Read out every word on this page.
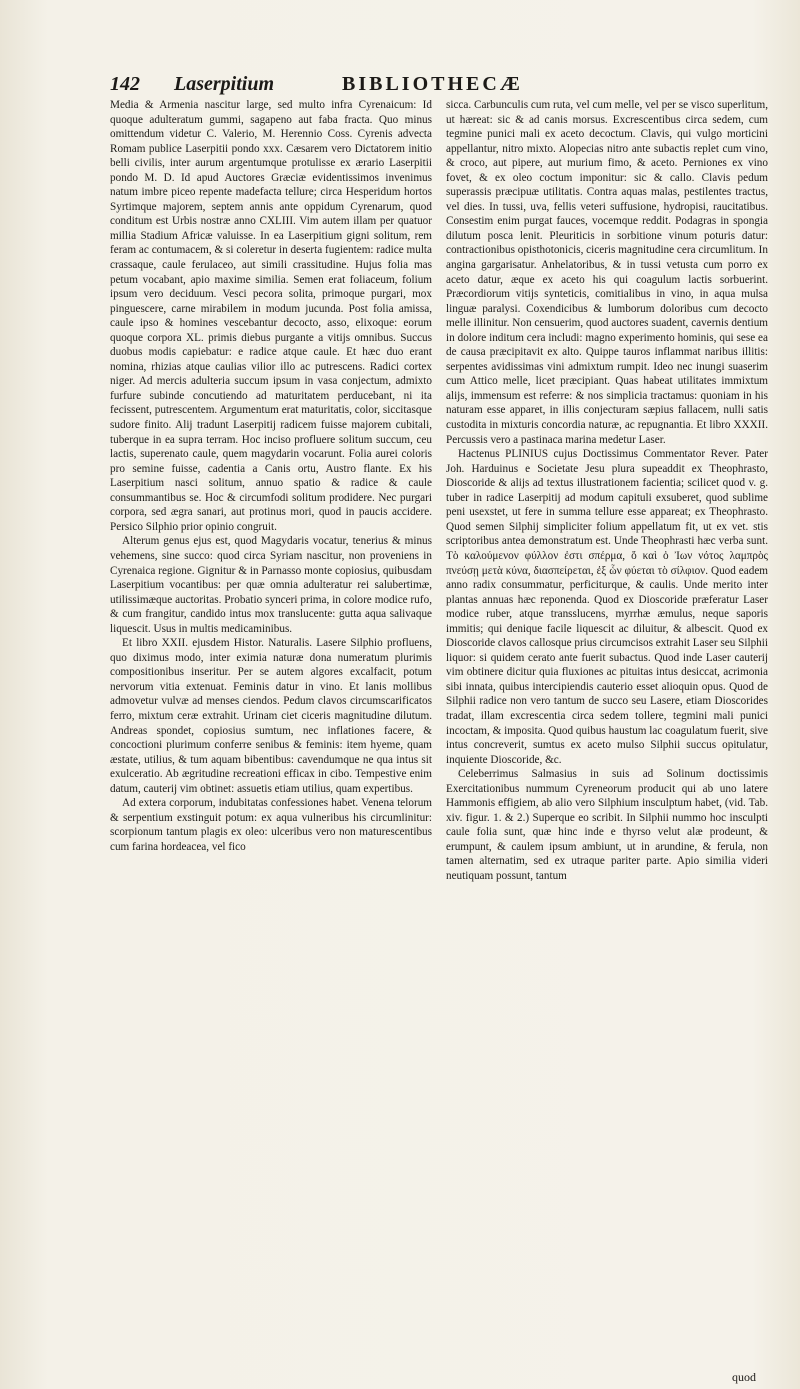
142 Laserpitium	BIBLIOTHECÆ

Media & Armenia nascitur large, sed multo infra Cyrenaicum: Id quoque adulteratum gummi, sagapeno aut faba fracta. Quo minus omittendum videtur C. Valerio, M. Herennio Coss. Cyrenis advecta Romam publice Laserpitii pondo xxx. Cæsarem vero Dictatorem initio belli civilis, inter aurum argentumque protulisse ex ærario Laserpitii pondo M. D. Id apud Auctores Græciæ evidentissimos invenimus natum imbre piceo repente madefacta tellure; circa Hesperidum hortos Syrtimque majorem, septem annis ante oppidum Cyrenarum, quod conditum est Urbis nostræ anno CXLIII. Vim autem illam per quatuor millia Stadium Africæ valuisse. In ea Laserpitium gigni solitum, rem feram ac contumacem, & si coleretur in deserta fugientem: radice multa crassaque, caule ferulaceo, aut simili crassitudine. Hujus folia mas petum vocabant, apio maxime similia. Semen erat foliaceum, folium ipsum vero deciduum. Vesci pecora solita, primoque purgari, mox pinguescere, carne mirabilem in modum jucunda. Post folia amissa, caule ipso & homines vescebantur decocto, asso, elixoque: eorum quoque corpora XL. primis diebus purgante a vitijs omnibus. Succus duobus modis capiebatur: e radice atque caule. Et hæc duo erant nomina, rhizias atque caulias vilior illo ac putrescens. Radici cortex niger. Ad mercis adulteria succum ipsum in vasa conjectum, admixto furfure subinde concutiendo ad maturitatem perducebant, ni ita fecissent, putrescentem. Argumentum erat maturitatis, color, siccitasque sudore finito. Alij tradunt Laserpitij radicem fuisse majorem cubitali, tuberque in ea supra terram. Hoc inciso profluere solitum succum, ceu lactis, superenato caule, quem magydarin vocarunt. Folia aurei coloris pro semine fuisse, cadentia a Canis ortu, Austro flante. Ex his Laserpitium nasci solitum, annuo spatio & radice & caule consummantibus se. Hoc & circumfodi solitum prodidere. Nec purgari corpora, sed ægra sanari, aut protinus mori, quod in paucis accidere. Persico Silphio prior opinio congruit.

Alterum genus ejus est, quod Magydaris vocatur, tenerius & minus vehemens, sine succo: quod circa Syriam nascitur, non proveniens in Cyrenaica regione. Gignitur & in Parnasso monte copiosius, quibusdam Laserpitium vocantibus: per quæ omnia adulteratur rei salubertimæ, utilissimæque auctoritas. Probatio synceri prima, in colore modice rufo, & cum frangitur, candido intus mox translucente: gutta aqua salivaque liquescit. Usus in multis medicaminibus.

Et libro XXII. ejusdem Histor. Naturalis. Lasere Silphio profluens, quo diximus modo, inter eximia naturæ dona numeratum plurimis compositionibus inseritur. Per se autem algores excalfacit, potum nervorum vitia extenuat. Feminis datur in vino. Et lanis mollibus admovetur vulvæ ad menses ciendos. Pedum clavos circumscarificatos ferro, mixtum ceræ extrahit. Urinam ciet ciceris magnitudine dilutum. Andreas spondet, copiosius sumtum, nec inflationes facere, & concoctioni plurimum conferre senibus & feminis: item hyeme, quam æstate, utilius, & tum aquam bibentibus: cavendumque ne qua intus sit exulceratio. Ab ægritudine recreationi efficax in cibo. Tempestive enim datum, cauterij vim obtinet: assuetis etiam utilius, quam expertibus.

Ad extera corporum, indubitatas confessiones habet. Venena telorum & serpentium exstinguit potum: ex aqua vulneribus his circumlinitur: scorpionum tantum plagis ex oleo: ulceribus vero non maturescentibus cum farina hordeacea, vel fico

sicca. Carbunculis cum ruta, vel cum melle, vel per se visco superlitum, ut hæreat: sic & ad canis morsus. Excrescentibus circa sedem, cum tegmine punici mali ex aceto decoctum. Clavis, qui vulgo morticini appellantur, nitro mixto. Alopecias nitro ante subactis replet cum vino, & croco, aut pipere, aut murium fimo, & aceto. Perniones ex vino fovet, & ex oleo coctum imponitur: sic & callo. Clavis pedum superassis præcipuæ utilitatis. Contra aquas malas, pestilentes tractus, vel dies. In tussi, uva, fellis veteri suffusione, hydropisi, raucitatibus. Consestim enim purgat fauces, vocemque reddit. Podagras in spongia dilutum posca lenit. Pleuriticis in sorbitione vinum poturis datur: contractionibus opisthotonicis, ciceris magnitudine cera circumlitum. In angina gargarisatur. Anhelatoribus, & in tussi vetusta cum porro ex aceto datur, æque ex aceto his qui coagulum lactis sorbuerint. Præcordiorum vitijs synteticis, comitialibus in vino, in aqua mulsa linguæ paralysi. Coxendicibus & lumborum doloribus cum decocto melle illinitur. Non censuerim, quod auctores suadent, cavernis dentium in dolore inditum cera includi: magno experimento hominis, qui sese ea de causa præcipitavit ex alto. Quippe tauros inflammat naribus illitis: serpentes avidissimas vini admixtum rumpit. Ideo nec inungi suaserim cum Attico melle, licet præcipiant. Quas habeat utilitates immixtum alijs, immensum est referre: & nos simplicia tractamus: quoniam in his naturam esse apparet, in illis conjecturam sæpius fallacem, nulli satis custodita in mixturis concordia naturæ, ac repugnantia. Et libro XXXII. Percussis vero a pastinaca marina medetur Laser.

Hactenus PLINIUS cujus Doctissimus Commentator Rever. Pater Joh. Harduinus e Societate Jesu plura supeaddit ex Theophrasto, Dioscoride & alijs ad textus illustrationem facientia; scilicet quod v. g. tuber in radice Laserpitij ad modum capituli exsuberet, quod sublime peni usexstet, ut fere in summa tellure esse appareat; ex Theophrasto. Quod semen Silphij simpliciter folium appellatum fit, ut ex vet. stis scriptoribus antea demonstratum est. Unde Theophrasti hæc verba sunt. Τὸ καλούμενον φύλλον ἐστι σπέρμα, ὅ καὶ ὁ Ἰων νότος λαμπρὸς πνεύσῃ μετὰ κύνα, διασπείρεται, ἐξ ὧν φύεται τὸ σίλφιον. Quod eadem anno radix consummatur, perficiturque, & caulis. Unde merito inter plantas annuas hæc reponenda. Quod ex Dioscoride præferatur Laser modice ruber, atque transslucens, myrrhæ æmulus, neque saporis immitis; qui denique facile liquescit ac diluitur, & albescit. Quod ex Dioscoride clavos callosque prius circumcisos extrahit Laser seu Silphii liquor: si quidem cerato ante fuerit subactus. Quod inde Laser cauterij vim obtinere dicitur quia fluxiones ac pituitas intus desiccat, acrimonia sibi innata, quibus intercipiendis cauterio esset alioquin opus. Quod de Silphii radice non vero tantum de succo seu Lasere, etiam Dioscorides tradat, illam excrescentia circa sedem tollere, tegmini mali punici incoctam, & imposita. Quod quibus haustum lac coagulatum fuerit, sive intus concreverit, sumtus ex aceto mulso Silphii succus opitulatur, inquiente Dioscoride, &c.

Celeberrimus Salmasius in suis ad Solinum doctissimis Exercitationibus nummum Cyreneorum producit qui ab uno latere Hammonis effigiem, ab alio vero Silphium insculptum habet, (vid. Tab. xiv. figur. 1. & 2.) Superque eo scribit. In Silphii nummo hoc insculpti caule folia sunt, quæ hinc inde e thyrso velut alæ prodeunt, & erumpunt, & caulem ipsum ambiunt, ut in arundine, & ferula, non tamen alternatim, sed ex utraque pariter parte. Apio similia videri neutiquam possunt, tantum

quod
